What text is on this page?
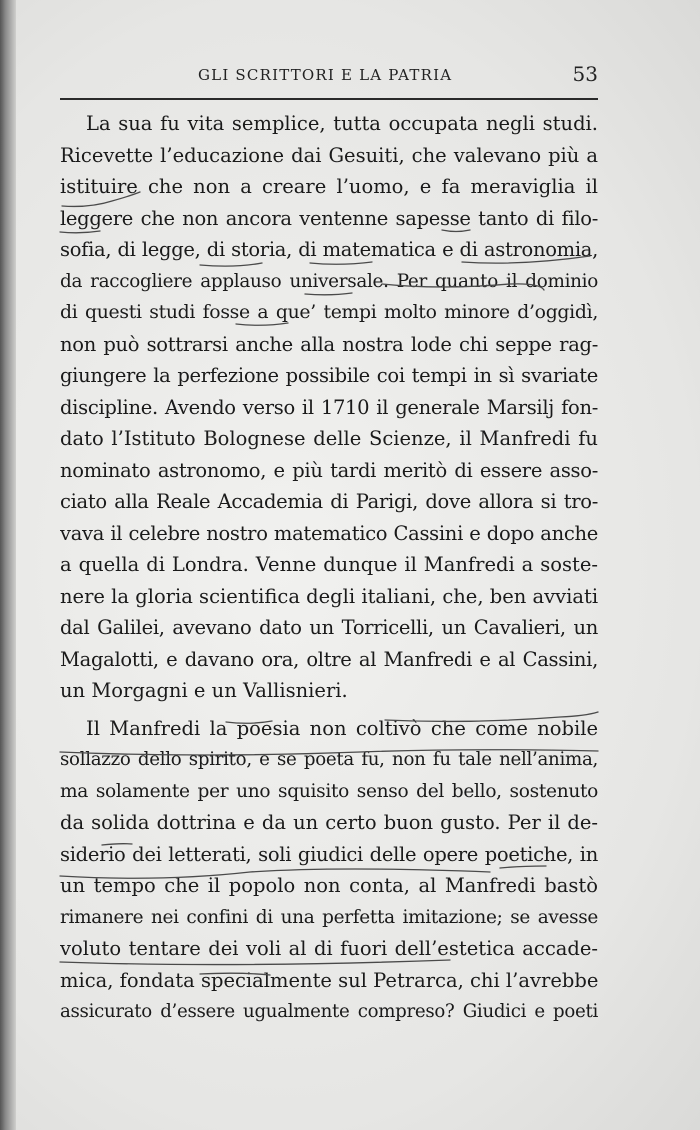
GLI SCRITTORI E LA PATRIA	53
La sua fu vita semplice, tutta occupata negli studi.
Ricevette l’educazione dai Gesuiti, che valevano più a
istituire che non a creare l’uomo, e fa meraviglia il
leggere che non ancora ventenne sapesse tanto di filo-
sofia, di legge, di storia, di matematica e di astronomia,
da raccogliere applauso universale. Per quanto il dominio
di questi studi fosse a que’ tempi molto minore d’oggidì,
non può sottrarsi anche alla nostra lode chi seppe rag-
giungere la perfezione possibile coi tempi in sì svariate
discipline. Avendo verso il 1710 il generale Marsilj fon-
dato l’Istituto Bolognese delle Scienze, il Manfredi fu
nominato astronomo, e più tardi meritò di essere asso-
ciato alla Reale Accademia di Parigi, dove allora si tro-
vava il celebre nostro matematico Cassini e dopo anche
a quella di Londra. Venne dunque il Manfredi a soste-
nere la gloria scientifica degli italiani, che, ben avviati
dal Galilei, avevano dato un Torricelli, un Cavalieri, un
Magalotti, e davano ora, oltre al Manfredi e al Cassini,
un Morgagni e un Vallisnieri.
Il Manfredi la poesia non coltivò che come nobile
sollazzo dello spirito, e se poeta fu, non fu tale nell’anima,
ma solamente per uno squisito senso del bello, sostenuto
da solida dottrina e da un certo buon gusto. Per il de-
siderio dei letterati, soli giudici delle opere poetiche, in
un tempo che il popolo non conta, al Manfredi bastò
rimanere nei confini di una perfetta imitazione; se avesse
voluto tentare dei voli al di fuori dell’estetica accade-
mica, fondata specialmente sul Petrarca, chi l’avrebbe
assicurato d’essere ugualmente compreso? Giudici e poeti
